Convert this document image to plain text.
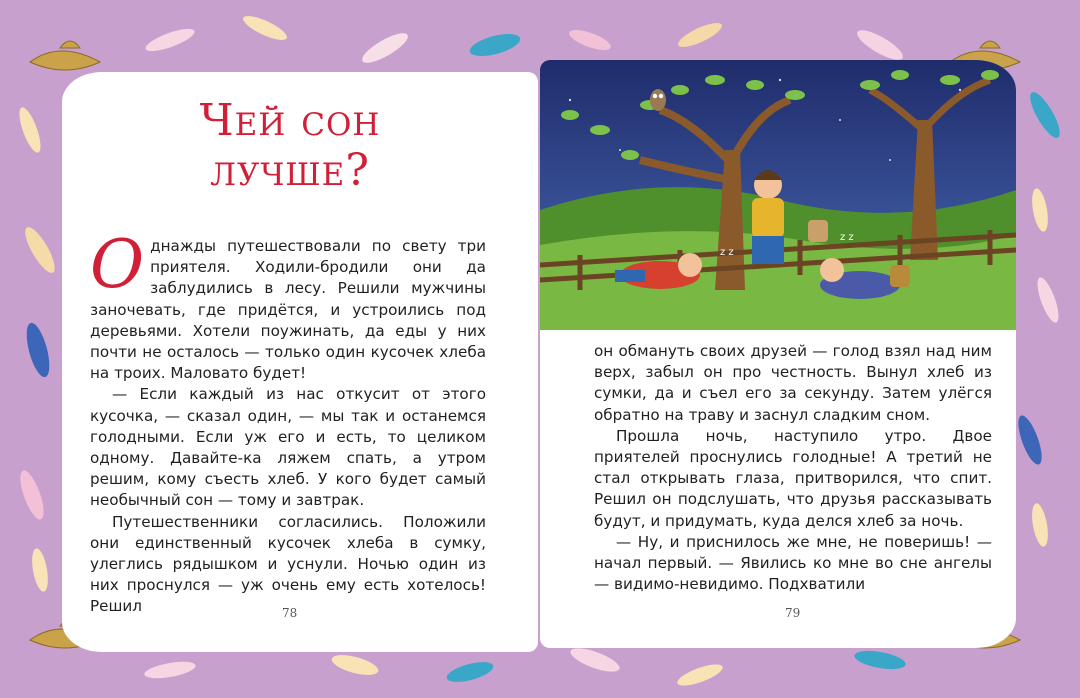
Чей сон
лучше?

Однажды путешествовали по свету три приятеля. Ходили-бродили они да заблудились в лесу. Решили мужчины заночевать, где придётся, и устроились под деревьями. Хотели поужинать, да еды у них почти не осталось — только один кусочек хлеба на троих. Маловато будет!

— Если каждый из нас откусит от этого кусочка, — сказал один, — мы так и останемся голодными. Если уж его и есть, то целиком одному. Давайте-ка ляжем спать, а утром решим, кому съесть хлеб. У кого будет самый необычный сон — тому и завтрак.

Путешественники согласились. Положили они единственный кусочек хлеба в сумку, улеглись рядышком и уснули. Ночью один из них проснулся — уж очень ему есть хотелось! Решил	78
z z
z z

он обмануть своих друзей — голод взял над ним верх, забыл он про честность. Вынул хлеб из сумки, да и съел его за секунду. Затем улёгся обратно на траву и заснул сладким сном.

Прошла ночь, наступило утро. Двое приятелей проснулись голодные! А третий не стал открывать глаза, притворился, что спит. Решил он подслушать, что друзья рассказывать будут, и придумать, куда делся хлеб за ночь.

— Ну, и приснилось же мне, не поверишь! — начал первый. — Явились ко мне во сне ангелы — видимо-невидимо. Подхватили

79
